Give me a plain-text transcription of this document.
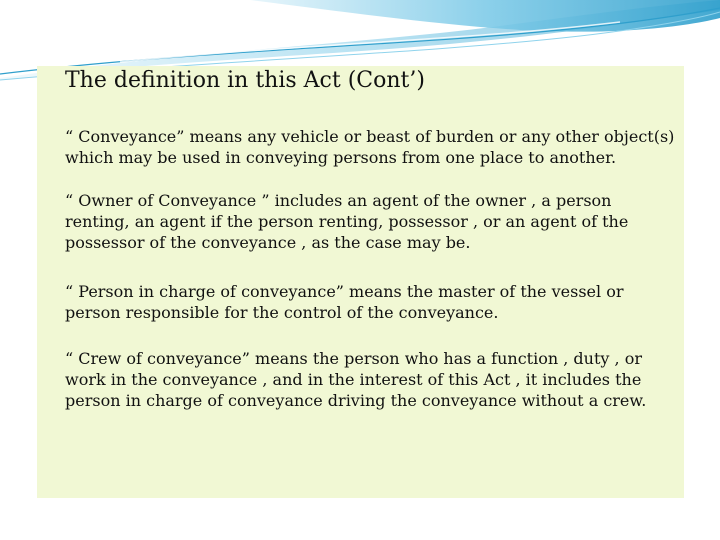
The definition in this Act (Cont’)

“ Conveyance” means any vehicle or beast of burden or any other object(s) which may be used in conveying persons from one place to another.

“ Owner of Conveyance ” includes an agent of the owner , a person renting, an agent if the person renting, possessor , or an agent of the possessor of the conveyance , as the case may be.

“ Person in charge of conveyance” means the master of the vessel or person responsible for the control of the conveyance.

“ Crew of conveyance” means the person who has a function , duty , or work in the conveyance , and in the interest of this Act , it includes the person in charge of conveyance driving the conveyance without a crew.
